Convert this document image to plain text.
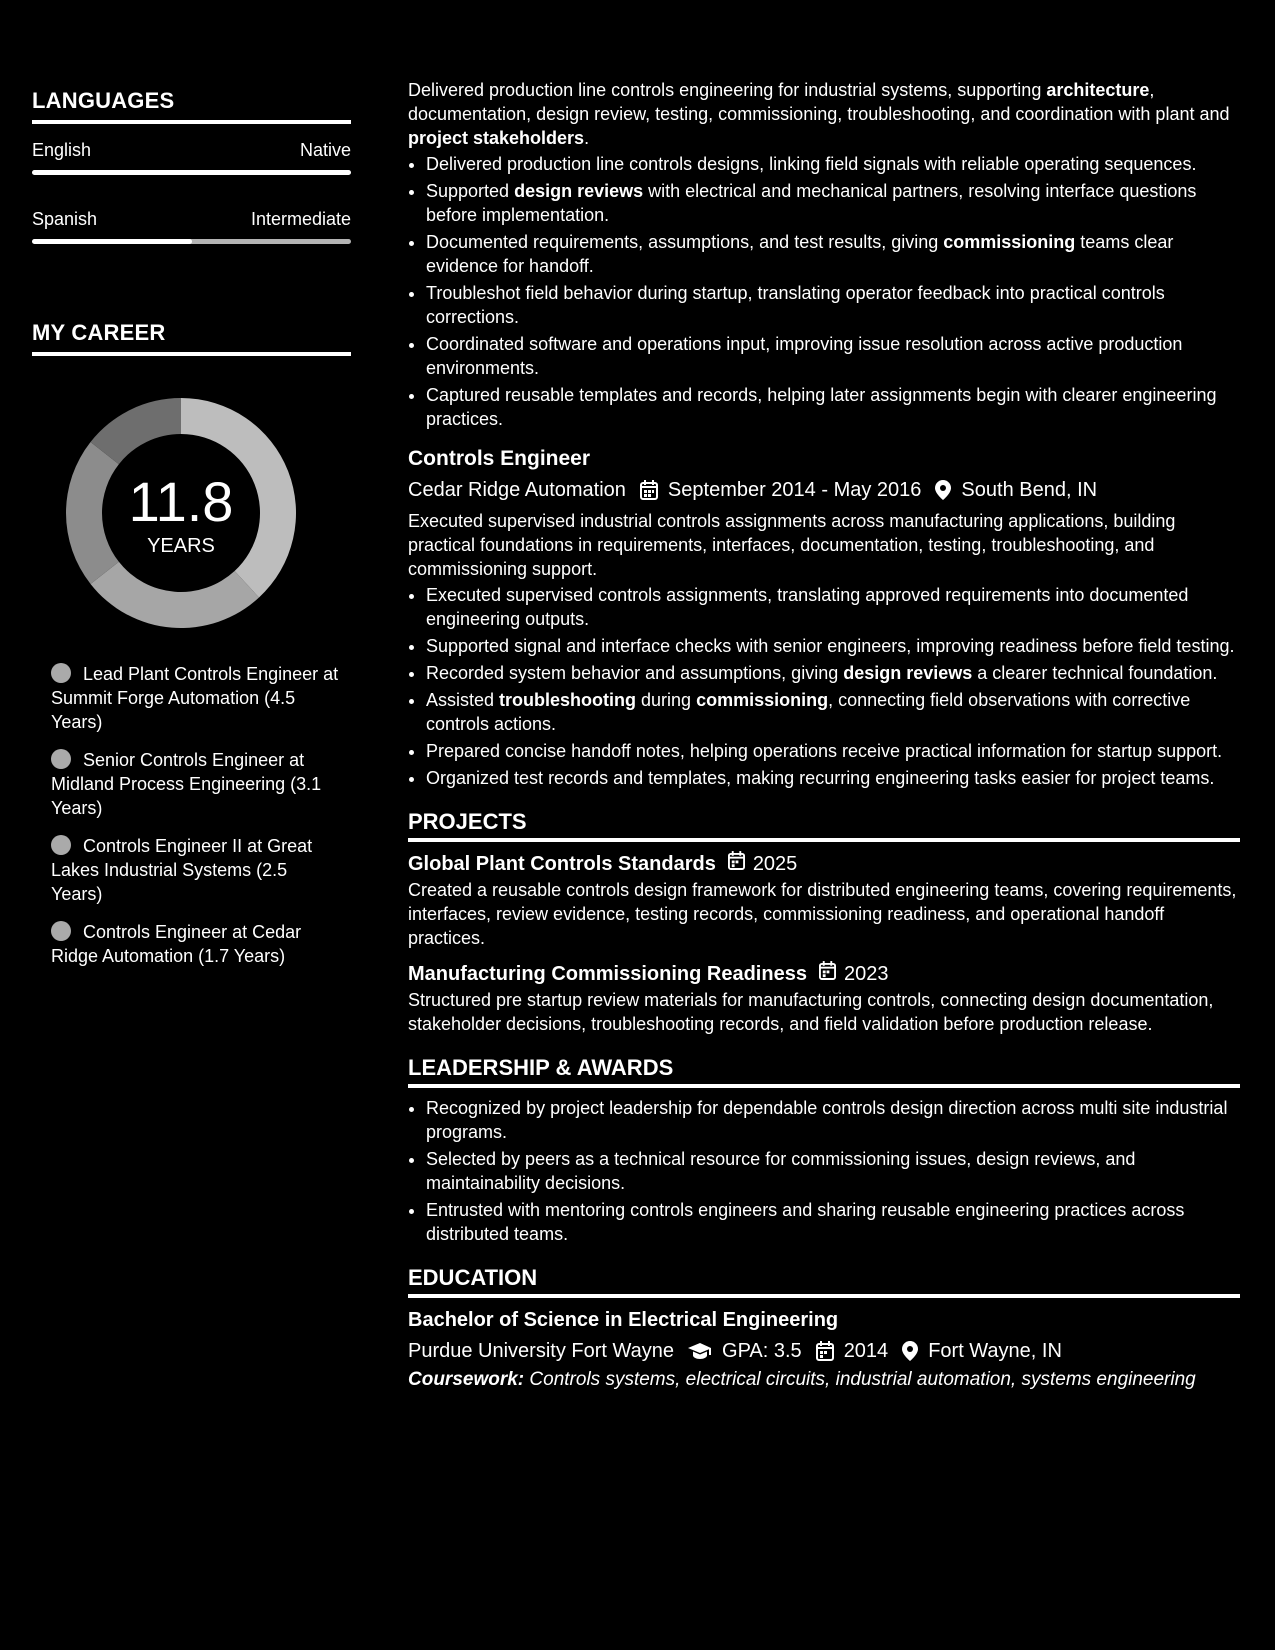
LANGUAGES
English	Native
Spanish	Intermediate
MY CAREER
11.8
YEARS
Lead Plant Controls Engineer at Summit Forge Automation (4.5 Years)
Senior Controls Engineer at Midland Process Engineering (3.1 Years)
Controls Engineer II at Great Lakes Industrial Systems (2.5 Years)
Controls Engineer at Cedar Ridge Automation (1.7 Years)

Delivered production line controls engineering for industrial systems, supporting architecture, documentation, design review, testing, commissioning, troubleshooting, and coordination with plant and project stakeholders.

• Delivered production line controls designs, linking field signals with reliable operating sequences.
• Supported design reviews with electrical and mechanical partners, resolving interface questions before implementation.
• Documented requirements, assumptions, and test results, giving commissioning teams clear evidence for handoff.
• Troubleshot field behavior during startup, translating operator feedback into practical controls corrections.
• Coordinated software and operations input, improving issue resolution across active production environments.
• Captured reusable templates and records, helping later assignments begin with clearer engineering practices.
Controls Engineer
Cedar Ridge Automation September 2014 - May 2016 South Bend, IN

Executed supervised industrial controls assignments across manufacturing applications, building practical foundations in requirements, interfaces, documentation, testing, troubleshooting, and commissioning support.

• Executed supervised controls assignments, translating approved requirements into documented engineering outputs.
• Supported signal and interface checks with senior engineers, improving readiness before field testing.
• Recorded system behavior and assumptions, giving design reviews a clearer technical foundation.
• Assisted troubleshooting during commissioning, connecting field observations with corrective controls actions.
• Prepared concise handoff notes, helping operations receive practical information for startup support.
• Organized test records and templates, making recurring engineering tasks easier for project teams.
PROJECTS
Global Plant Controls Standards 2025

Created a reusable controls design framework for distributed engineering teams, covering requirements, interfaces, review evidence, testing records, commissioning readiness, and operational handoff practices.

Manufacturing Commissioning Readiness 2023

Structured pre startup review materials for manufacturing controls, connecting design documentation, stakeholder decisions, troubleshooting records, and field validation before production release.

LEADERSHIP & AWARDS
• Recognized by project leadership for dependable controls design direction across multi site industrial programs.
• Selected by peers as a technical resource for commissioning issues, design reviews, and maintainability decisions.
• Entrusted with mentoring controls engineers and sharing reusable engineering practices across distributed teams.
EDUCATION
Bachelor of Science in Electrical Engineering
Purdue University Fort Wayne GPA: 3.5 2014 Fort Wayne, IN

Coursework: Controls systems, electrical circuits, industrial automation, systems engineering
